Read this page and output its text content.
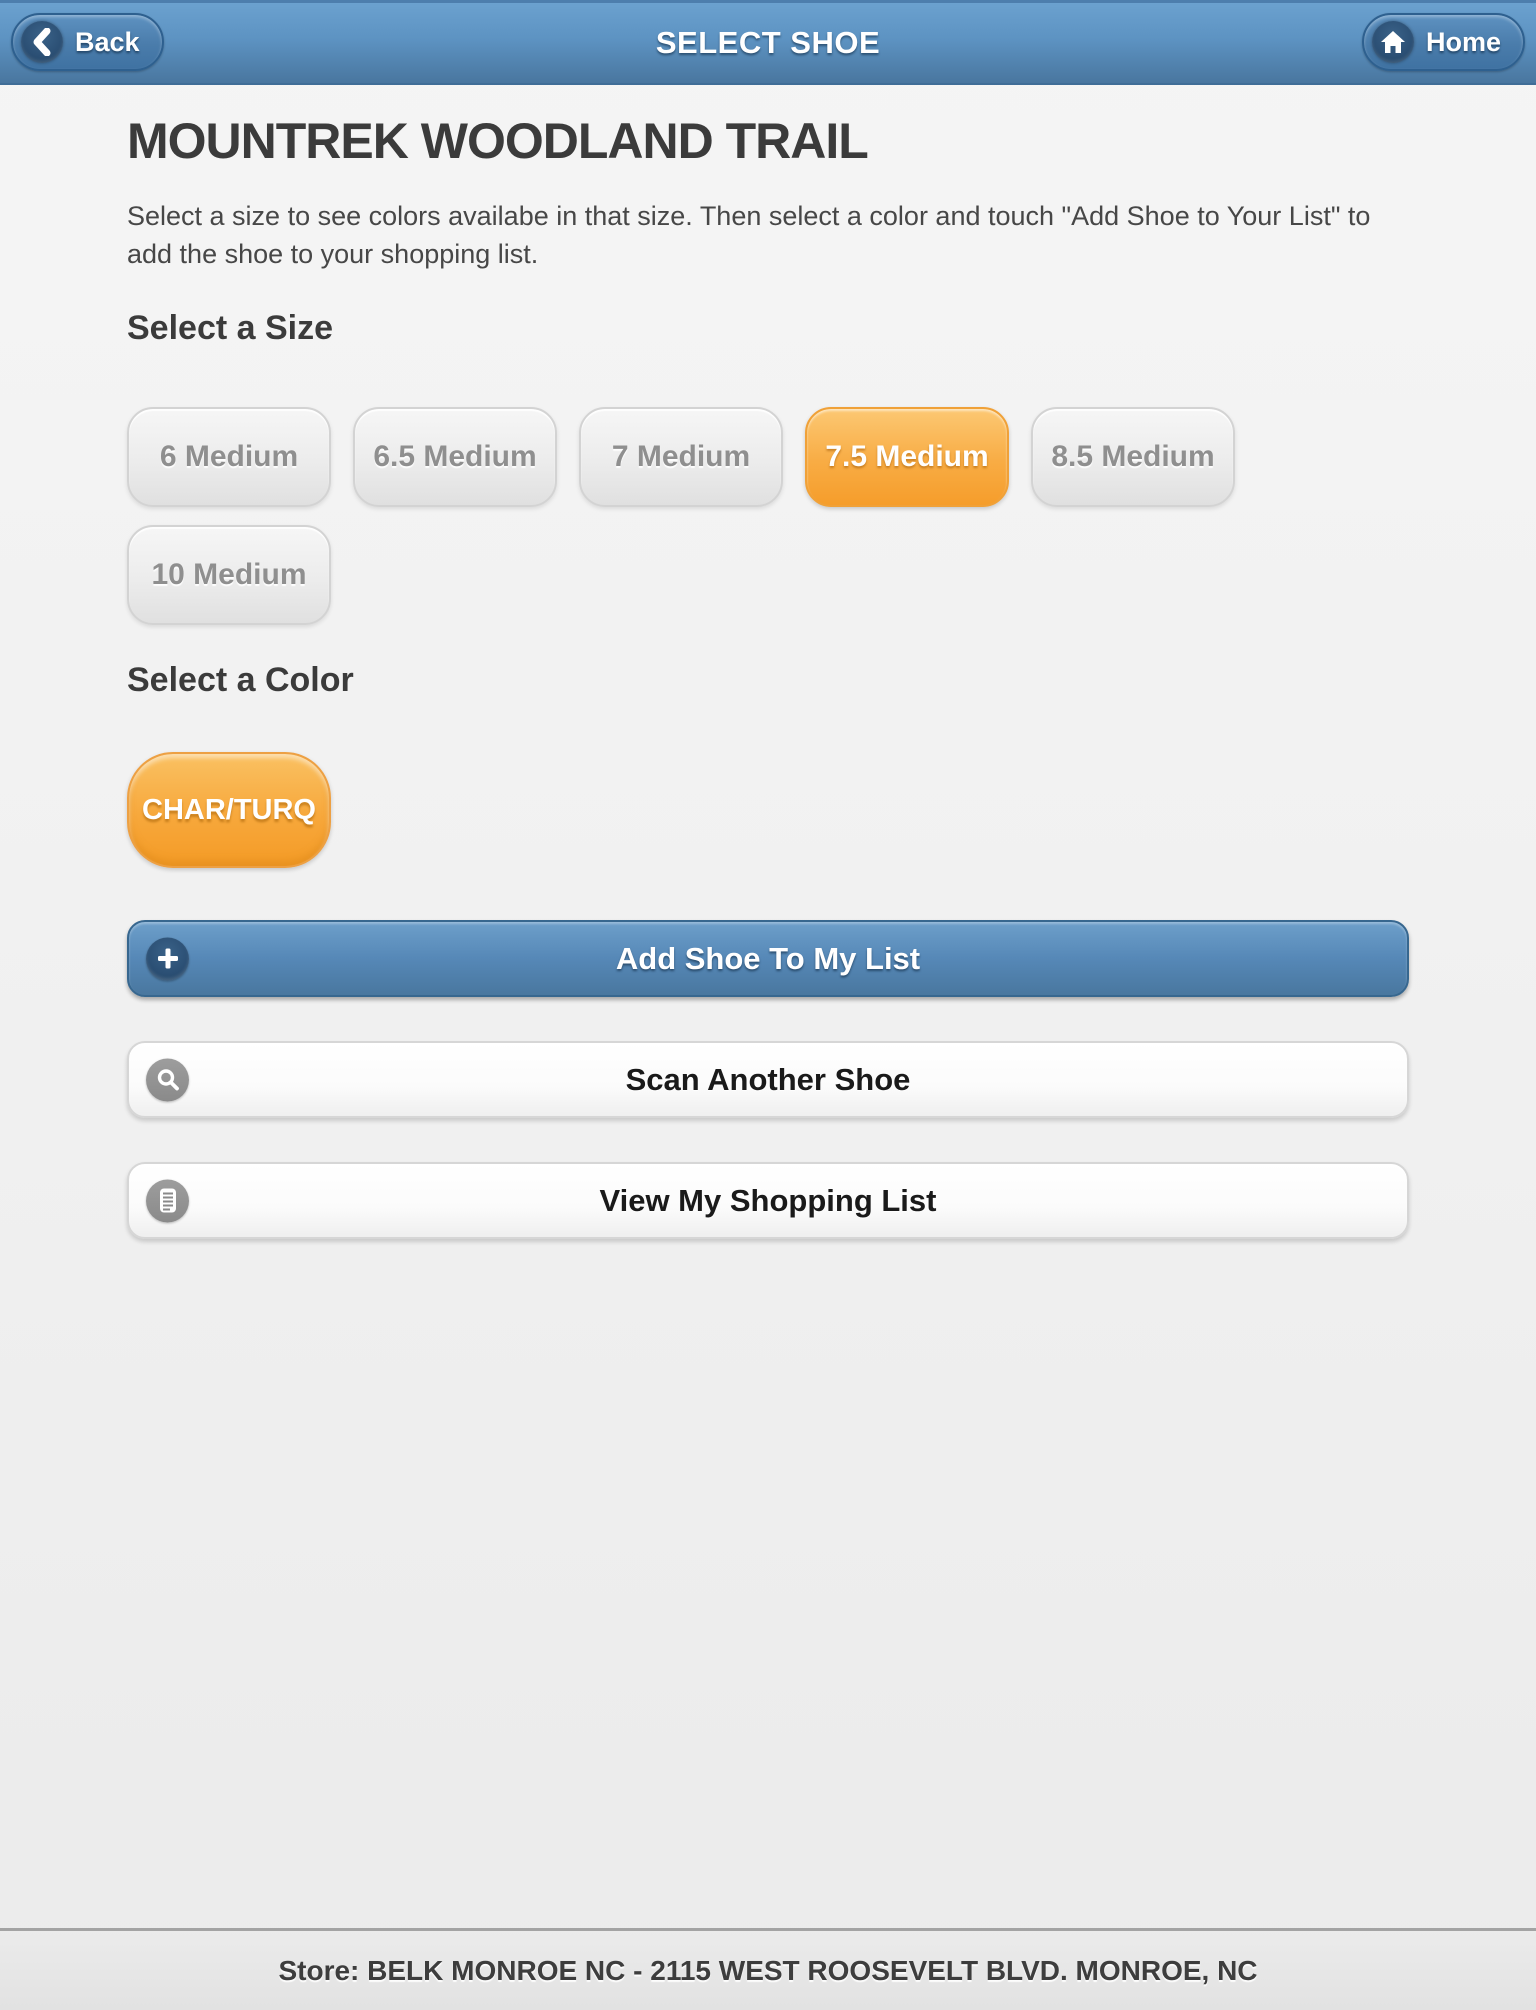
SELECT SHOE
Back	Home
MOUNTREK WOODLAND TRAIL

Select a size to see colors availabe in that size. Then select a color and touch "Add Shoe to Your List" to add the shoe to your shopping list.

Select a Size
6 Medium	6.5 Medium	7 Medium	7.5 Medium	8.5 Medium
10 Medium
Select a Color
CHAR/TURQ
Add Shoe To My List
Scan Another Shoe
View My Shopping List
Store: BELK MONROE NC - 2115 WEST ROOSEVELT BLVD. MONROE, NC
